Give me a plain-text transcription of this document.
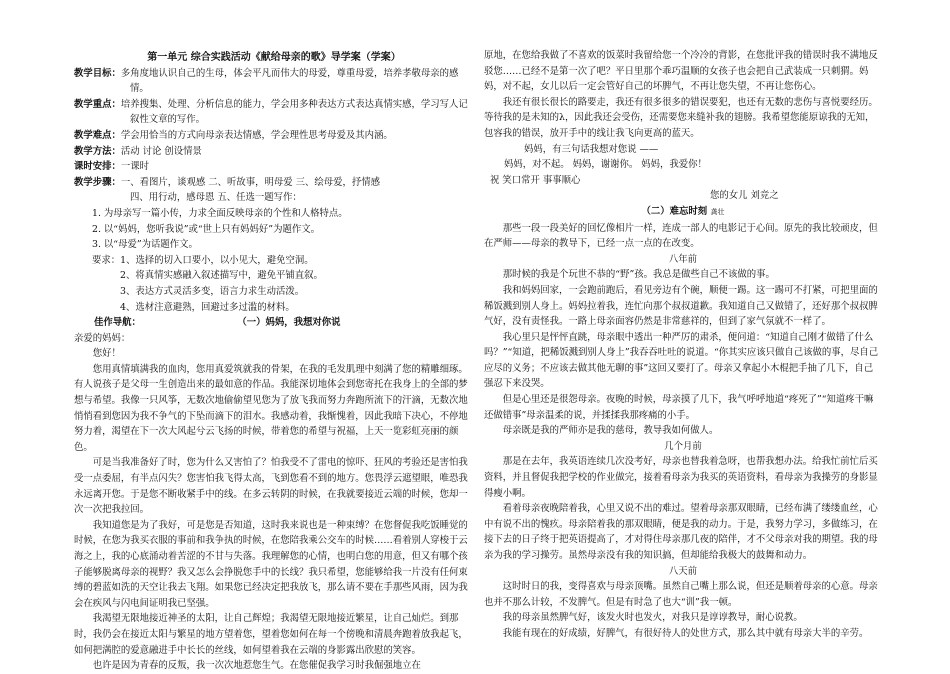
第一单元 综合实践活动《献给母亲的歌》导学案（学案）
教学目标：多角度地认识自己的生母，体会平凡而伟大的母爱，尊重母爱，培养孝敬母亲的感情。
教学重点：培养搜集、处理、分析信息的能力，学会用多种表达方式表达真情实感，学习写人记叙性文章的写作。
教学难点：学会用恰当的方式向母亲表达情感，学会理性思考母爱及其内涵。
教学方法：活动 讨论 创设情景
课时安排：一课时
教学步骤：一、看图片，谈观感 二、听故事，明母爱 三、绘母爱，抒情感
四、用行动，感母恩 五、任选一题写作：
1. 为母亲写一篇小传，力求全面反映母亲的个性和人格特点。
2. 以“妈妈，您听我说”或“世上只有妈妈好”为题作文。
3. 以“母爱”为话题作文。
要求：1、选择的切入口要小，以小见大，避免空洞。
2、将真情实感融入叙述描写中，避免平铺直叙。
3、表达方式灵活多变，语言力求生动活泼。
4、选材注意避熟，回避过多过滥的材料。
佳作导航：	（一）妈妈，我想对你说
亲爱的妈妈：
您好！

您用真情填满我的血肉，您用真爱筑就我的骨架，在我的毛发肌理中刻满了您的精雕细琢。有人说孩子是父母一生创造出来的最如意的作品。我能深切地体会到您寄托在我身上的全部的梦想与希望。我像一只风筝，无数次地偷偷望见您为了放飞我而努力奔跑所流下的汗滴，无数次地悄悄看到您因为我不争气的下坠而滴下的泪水。我感动着，我惭愧着，因此我暗下决心，不停地努力着，渴望在下一次大风起兮云飞扬的时候，带着您的希望与祝福，上天一览彩虹亮丽的颜色。

可是当我准备好了时，您为什么又害怕了？怕我受不了雷电的惊吓、狂风的考验还是害怕我受一点委屈，有半点闪失？您害怕我飞得太高，飞到您看不到的地方。您畏浮云遮望眼，唯恐我永远离开您。于是您不断收紧手中的线。在多云转阴的时候，在我就要接近云端的时候，您却一次一次把我拉回。

我知道您是为了我好，可是您是否知道，这时我来说也是一种束缚？在您督促我吃饭睡觉的时候，在您为我买衣服的事前和我争执的时候，在您陪我乘公交车的时候……看着别人穿梭于云海之上，我的心底涌动着苦涩的不甘与失落。我理解您的心情，也明白您的用意，但又有哪个孩子能够脱离母亲的视野？我又怎么会挣脱您手中的长线？我只希望，您能够给我一片没有任何束缚的碧蓝如洗的天空让我去飞翔。如果您已经决定把我放飞，那么请不要在手那些风雨，因为我会在疾风与闪电间证明我已坚强。

我渴望无限地接近神圣的太阳，让自己辉煌；我渴望无限地接近繁星，让自己灿烂。到那时，我仍会在接近太阳与繁星的地方望着您，望着您如何在每一个傍晚和清晨奔跑着放我起飞，如何把满腔的爱意融进手中长长的丝线，如何望着我在云端的身影露出欣慰的笑容。

也许是因为青春的反叛，我一次次地惹您生气。在您催促我学习时我倔强地立在

原地，在您给我做了不喜欢的饭菜时我留给您一个冷冷的背影，在您批评我的错误时我不满地反驳您……已经不是第一次了吧？平日里那个乖巧温顺的女孩子也会把自己武装成一只刺猬。妈妈，对不起，女儿以后一定会管好自己的坏脾气，不再让您失望，不再让您伤心。

我还有很长很长的路要走，我还有很多很多的错误要犯，也还有无数的悲伤与喜悦要经历。等待我的是未知的λ，因此我还会受伤，还需要您来缝补我的翅膀。我希望您能原谅我的无知，包容我的错误，放开手中的线让我飞向更高的蓝天。

妈妈，有三句话我想对您说 ——
妈妈，对不起。 妈妈，谢谢你。 妈妈，我爱你！
祝 笑口常开 事事顺心
您的女儿 刘竞之
（二）难忘时刻 龚壮

那些一段一段美好的回忆像相片一样，连成一部人的电影记于心间。原先的我比较顽皮，但在严师——母亲的教导下，已经一点一点的在改变。

八年前

那时候的我是个玩世不恭的“野”孩。我总是做些自己不该做的事。

我和妈妈回家，一会跑前跑后，看见旁边有个碗，顺便一踢。这一踢可不打紧，可把里面的稀饭溅到别人身上。妈妈拉着我，连忙向那个叔叔道歉。我知道自己又做错了，还好那个叔叔脾气好，没有责怪我。一路上母亲面容仍然是非常慈祥的，但到了家气氛就不一样了。

我心里只是怦怦直跳，母亲眼中透出一种严厉的肃杀，便问道：“知道自己刚才做错了什么吗？”“知道，把稀饭溅到别人身上”我吞吞吐吐的说道。“你其实应该只做自己该做的事，尽自己应尽的义务；不应该去做其他无聊的事”这回又要打了。母亲又拿起小木棍把手抽了几下，自己强忍下来没哭。

但是心里还是很怨母亲。夜晚的时候，母亲摸了几下，我气呼呼地道“疼死了”“知道疼干嘛还做错事”母亲温柔的说，并揉揉我那疼痛的小手。

母亲既是我的严师亦是我的慈母，教导我如何做人。

几个月前

那是在去年，我英语连续几次没考好，母亲也替我着急呀，也帮我想办法。给我忙前忙后买资料，并且督促我把学校的作业做完，接着看母亲为我买的英语资料，看母亲为我操劳的身影显得瘦小啊。

看着母亲夜晚陪着我，心里又说不出的难过。望着母亲那双眼睛，已经布满了缕缕血丝，心中有说不出的愧疚。母亲陪着我的那双眼睛，便是我的动力。于是，我努力学习，多做练习，在接下去的日子终于把英语提高了，才对得住母亲那几夜的陪伴，才不父母亲对我的期望。我的母亲为我的学习操劳。虽然母亲没有我的知识搞，但却能给我极大的鼓舞和动力。

八天前

这时时日的我，变得喜欢与母亲顶嘴。虽然自己嘴上那么说，但还是顺着母亲的心意。母亲也并不那么计较，不发脾气。但是有时急了也大“训”我一顿。

我的母亲虽然脾气好，该发火时也发火，对我只是谆谆教导，耐心说教。

我能有现在的好成绩，好脾气，有很好待人的处世方式，那么其中就有母亲大半的辛劳。
